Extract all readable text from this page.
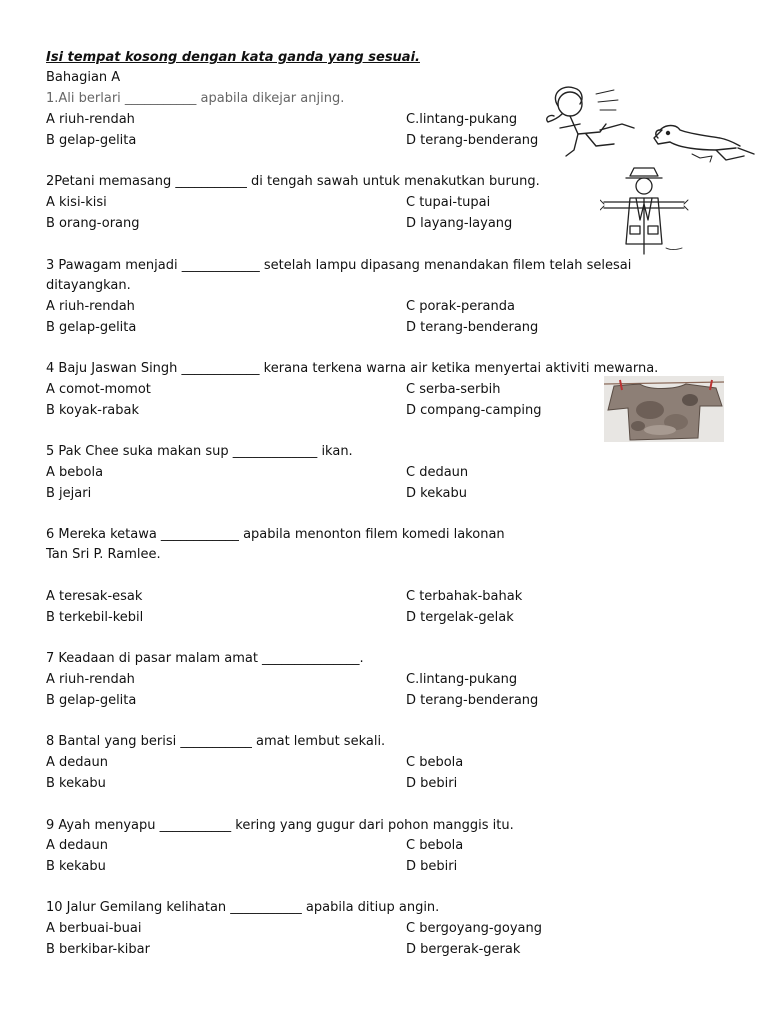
Isi tempat kosong dengan kata ganda yang sesuai.
Bahagian A
1.Ali berlari ___________ apabila dikejar anjing.
A riuh-rendah
B gelap-gelita
C.lintang-pukang
D terang-benderang
2Petani memasang ___________ di tengah sawah untuk menakutkan burung.
A kisi-kisi
B orang-orang
C tupai-tupai
D layang-layang
3 Pawagam menjadi ____________ setelah lampu dipasang menandakan filem telah selesai
ditayangkan.
A riuh-rendah
B gelap-gelita
C porak-peranda
D terang-benderang
4 Baju Jaswan Singh ____________ kerana terkena warna air ketika menyertai aktiviti mewarna.
A comot-momot
B koyak-rabak
C serba-serbih
D compang-camping
5 Pak Chee suka makan sup _____________ ikan.
A bebola
B jejari
C dedaun
D kekabu
6 Mereka ketawa ____________ apabila menonton filem komedi lakonan
Tan Sri P. Ramlee.
A teresak-esak
B terkebil-kebil
C terbahak-bahak
D tergelak-gelak
7 Keadaan di pasar malam amat _______________.
A riuh-rendah
B gelap-gelita
C.lintang-pukang
D terang-benderang
8 Bantal yang berisi ___________ amat lembut sekali.
A dedaun
B kekabu
C bebola
D bebiri
9 Ayah menyapu ___________ kering yang gugur dari pohon manggis itu.
A dedaun
B kekabu
C bebola
D bebiri
10 Jalur Gemilang kelihatan ___________ apabila ditiup angin.
A berbuai-buai
B berkibar-kibar
C bergoyang-goyang
D bergerak-gerak
